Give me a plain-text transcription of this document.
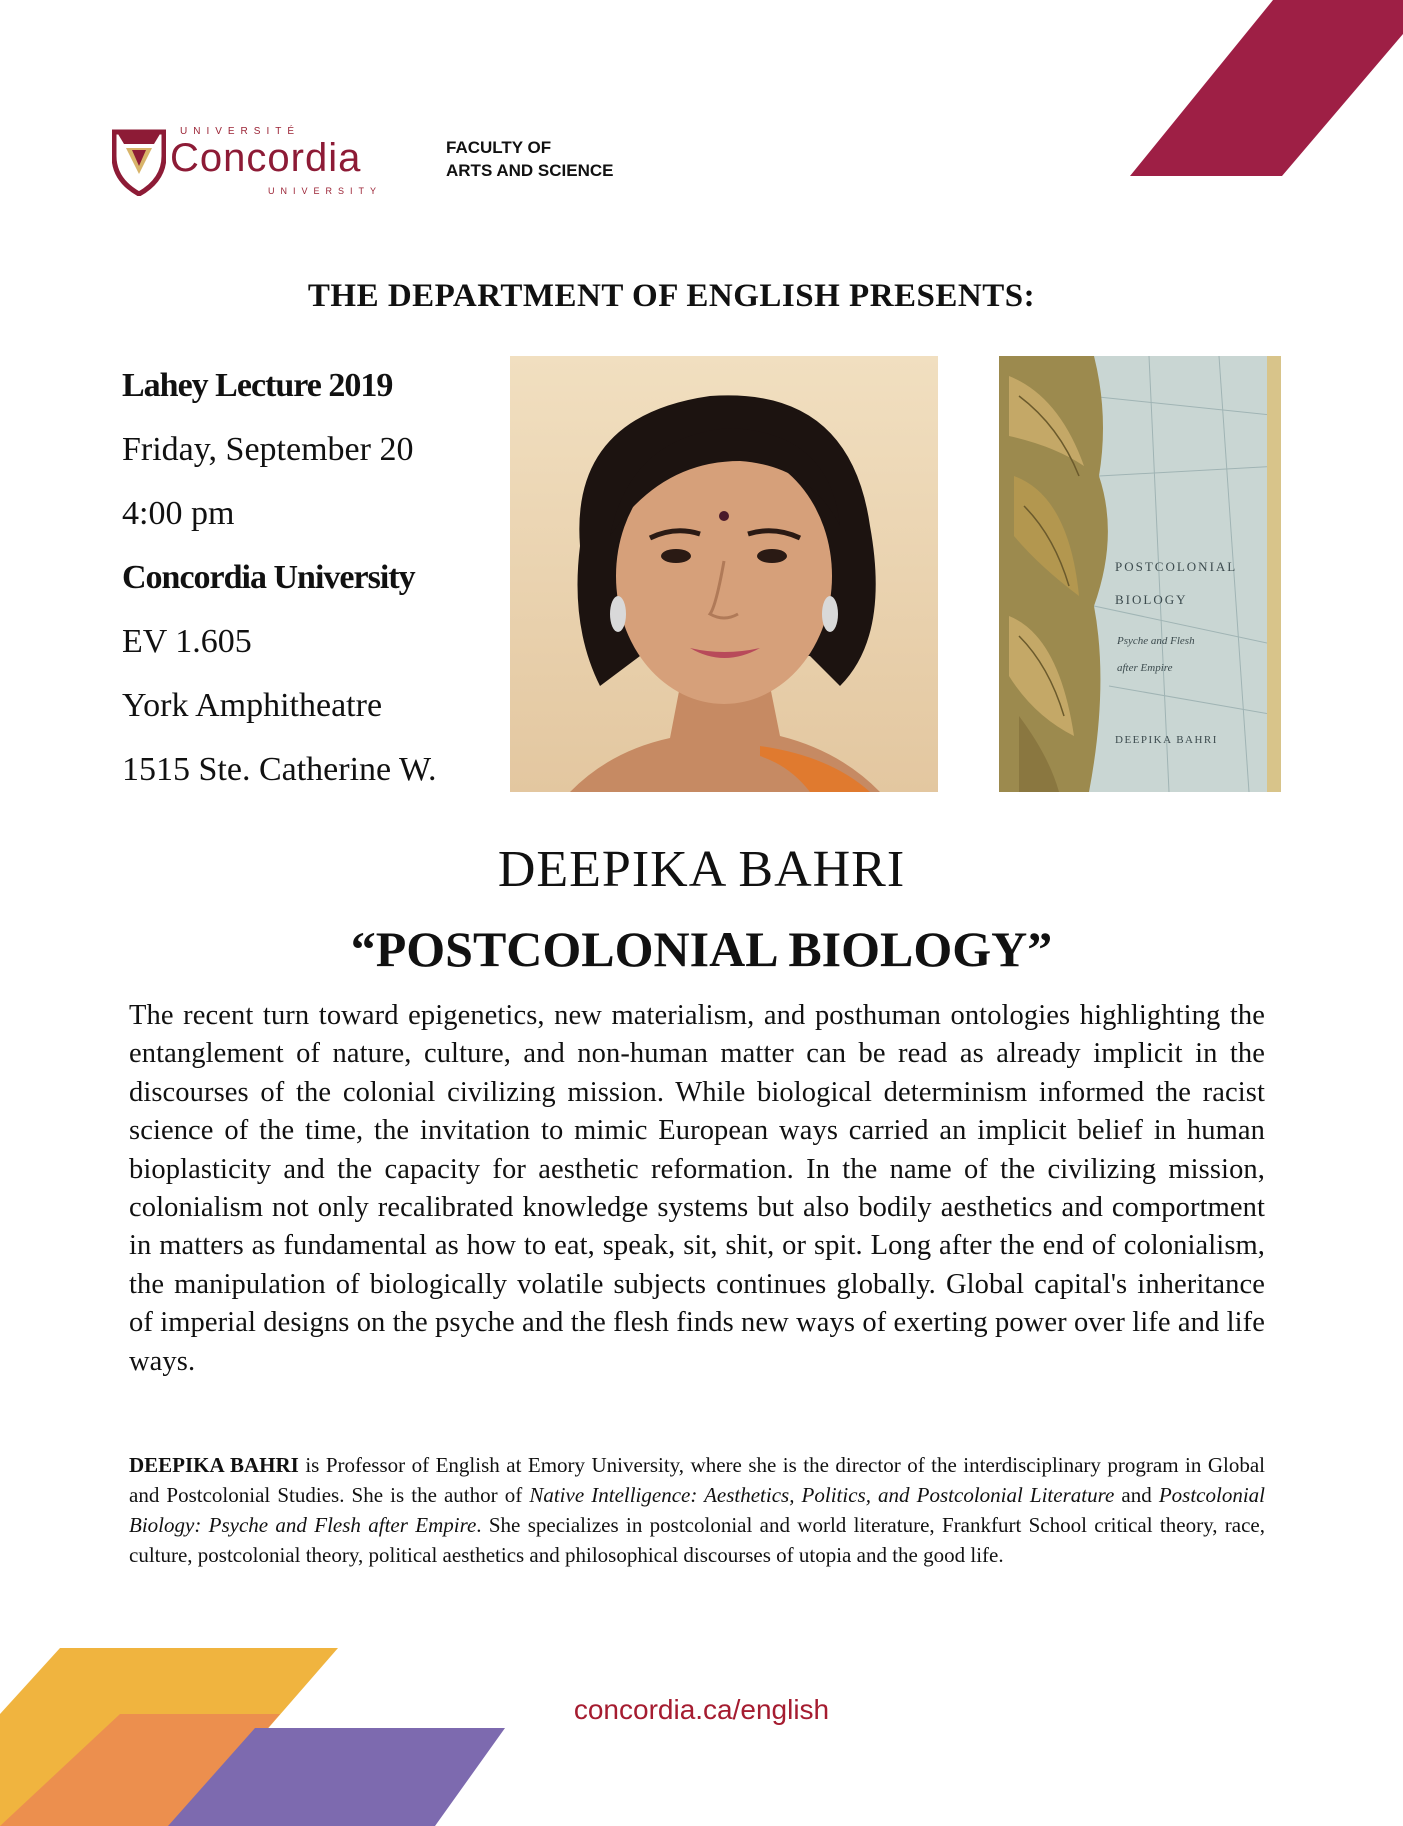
UNIVERSITÉ
Concordia
UNIVERSITY
FACULTY OF
ARTS AND SCIENCE
THE DEPARTMENT OF ENGLISH PRESENTS:
Lahey Lecture 2019
Friday, September 20
4:00 pm
Concordia University
EV 1.605
York Amphitheatre
1515 Ste. Catherine W.
POSTCOLONIAL
BIOLOGY
Psyche and Flesh
after Empire
DEEPIKA BAHRI
DEEPIKA BAHRI
“POSTCOLONIAL BIOLOGY”
The recent turn toward epigenetics, new materialism, and posthuman ontologies highlighting the entanglement of nature, culture, and non-human matter can be read as already implicit in the discourses of the colonial civilizing mission. While biological determinism informed the racist science of the time, the invitation to mimic European ways carried an implicit belief in human bioplasticity and the capacity for aesthetic reformation. In the name of the civilizing mission, colonialism not only recalibrated knowledge systems but also bodily aesthetics and comportment in matters as fundamental as how to eat, speak, sit, shit, or spit. Long after the end of colonialism, the manipulation of biologically volatile subjects continues globally. Global capital's inheritance of imperial designs on the psyche and the flesh finds new ways of exerting power over life and life ways.
DEEPIKA BAHRI is Professor of English at Emory University, where she is the director of the interdisciplinary program in Global and Postcolonial Studies. She is the author of Native Intelligence: Aesthetics, Politics, and Postcolonial Literature and Postcolonial Biology: Psyche and Flesh after Empire. She specializes in postcolonial and world literature, Frankfurt School critical theory, race, culture, postcolonial theory, political aesthetics and philosophical discourses of utopia and the good life.
concordia.ca/english
